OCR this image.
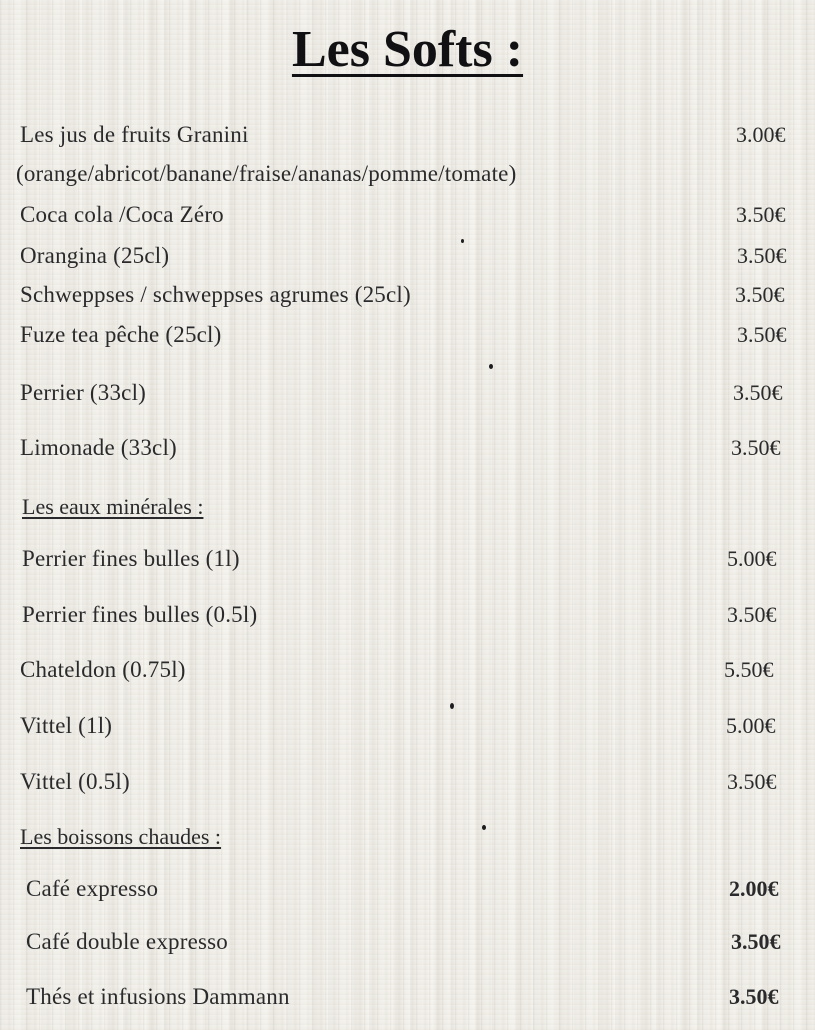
Les Softs :
Les jus de fruits Granini	3.00€
(orange/abricot/banane/fraise/ananas/pomme/tomate)
Coca cola /Coca Zéro	3.50€
Orangina (25cl)	3.50€
Schweppses / schweppses agrumes (25cl)	3.50€
Fuze tea pêche (25cl)	3.50€
Perrier (33cl)	3.50€
Limonade (33cl)	3.50€
Les eaux minérales :
Perrier fines bulles (1l)	5.00€
Perrier fines bulles (0.5l)	3.50€
Chateldon (0.75l)	5.50€
Vittel (1l)	5.00€
Vittel (0.5l)	3.50€
Les boissons chaudes :
Café expresso	2.00€
Café double expresso	3.50€
Thés et infusions Dammann	3.50€
